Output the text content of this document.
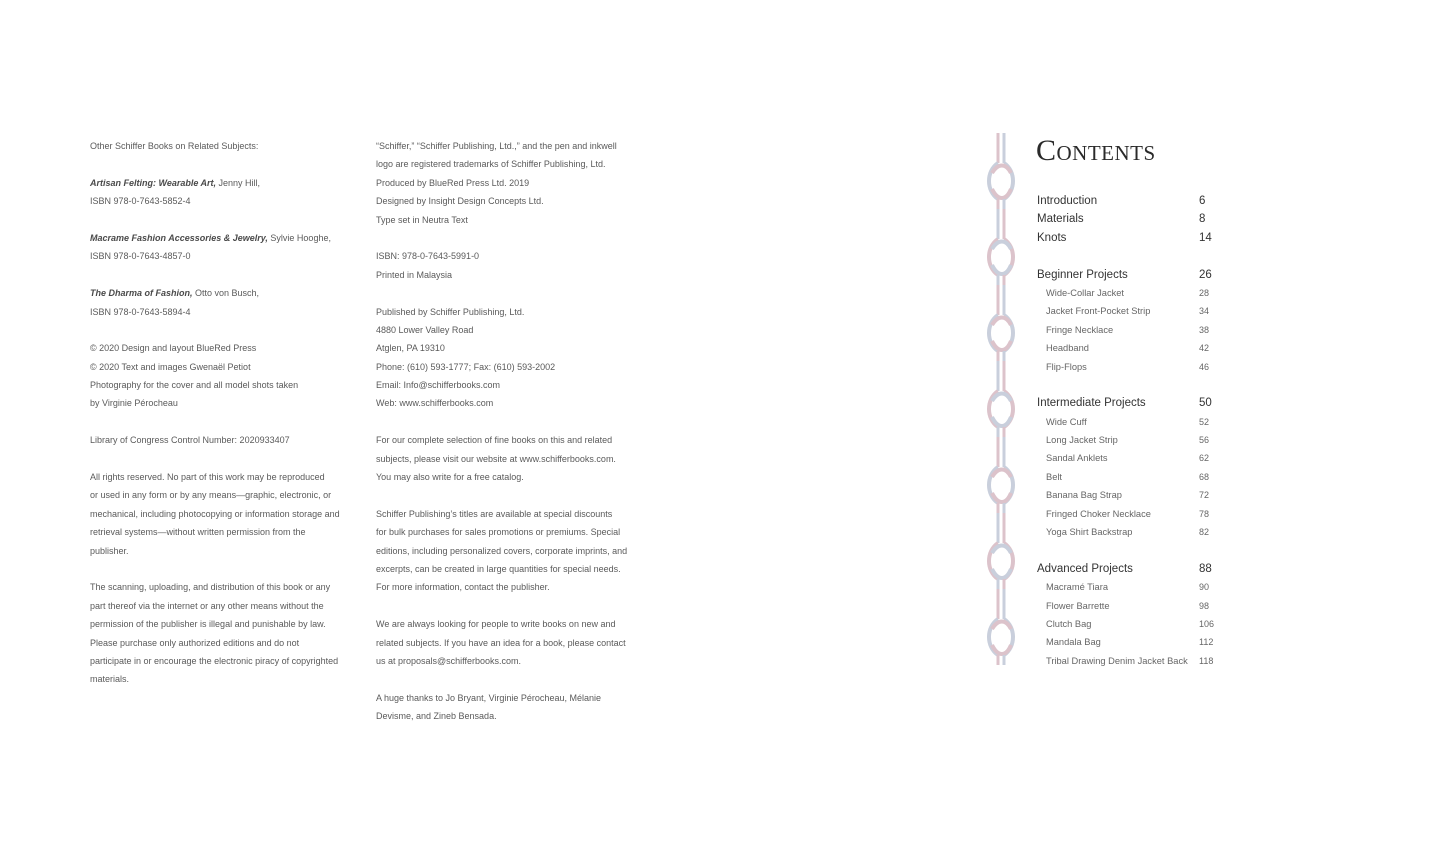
Other Schiffer Books on Related Subjects:
Artisan Felting: Wearable Art, Jenny Hill,
ISBN 978-0-7643-5852-4
Macrame Fashion Accessories & Jewelry, Sylvie Hooghe,
ISBN 978-0-7643-4857-0
The Dharma of Fashion, Otto von Busch,
ISBN 978-0-7643-5894-4
© 2020 Design and layout BlueRed Press
© 2020 Text and images Gwenaël Petiot
Photography for the cover and all model shots taken
by Virginie Pérocheau
Library of Congress Control Number: 2020933407
All rights reserved. No part of this work may be reproduced
or used in any form or by any means—graphic, electronic, or
mechanical, including photocopying or information storage and
retrieval systems—without written permission from the
publisher.
The scanning, uploading, and distribution of this book or any
part thereof via the internet or any other means without the
permission of the publisher is illegal and punishable by law.
Please purchase only authorized editions and do not
participate in or encourage the electronic piracy of copyrighted
materials.
“Schiffer,” “Schiffer Publishing, Ltd.,” and the pen and inkwell
logo are registered trademarks of Schiffer Publishing, Ltd.
Produced by BlueRed Press Ltd. 2019
Designed by Insight Design Concepts Ltd.
Type set in Neutra Text
ISBN: 978-0-7643-5991-0
Printed in Malaysia
Published by Schiffer Publishing, Ltd.
4880 Lower Valley Road
Atglen, PA 19310
Phone: (610) 593-1777; Fax: (610) 593-2002
Email: Info@schifferbooks.com
Web: www.schifferbooks.com
For our complete selection of fine books on this and related
subjects, please visit our website at www.schifferbooks.com.
You may also write for a free catalog.
Schiffer Publishing’s titles are available at special discounts
for bulk purchases for sales promotions or premiums. Special
editions, including personalized covers, corporate imprints, and
excerpts, can be created in large quantities for special needs.
For more information, contact the publisher.
We are always looking for people to write books on new and
related subjects. If you have an idea for a book, please contact
us at proposals@schifferbooks.com.
A huge thanks to Jo Bryant, Virginie Pérocheau, Mélanie
Devisme, and Zineb Bensada.
Contents
Introduction	6
Materials	8
Knots	14
Beginner Projects	26
Wide-Collar Jacket	28
Jacket Front-Pocket Strip	34
Fringe Necklace	38
Headband	42
Flip-Flops	46
Intermediate Projects	50
Wide Cuff	52
Long Jacket Strip	56
Sandal Anklets	62
Belt	68
Banana Bag Strap	72
Fringed Choker Necklace	78
Yoga Shirt Backstrap	82
Advanced Projects	88
Macramé Tiara	90
Flower Barrette	98
Clutch Bag	106
Mandala Bag	112
Tribal Drawing Denim Jacket Back 118
